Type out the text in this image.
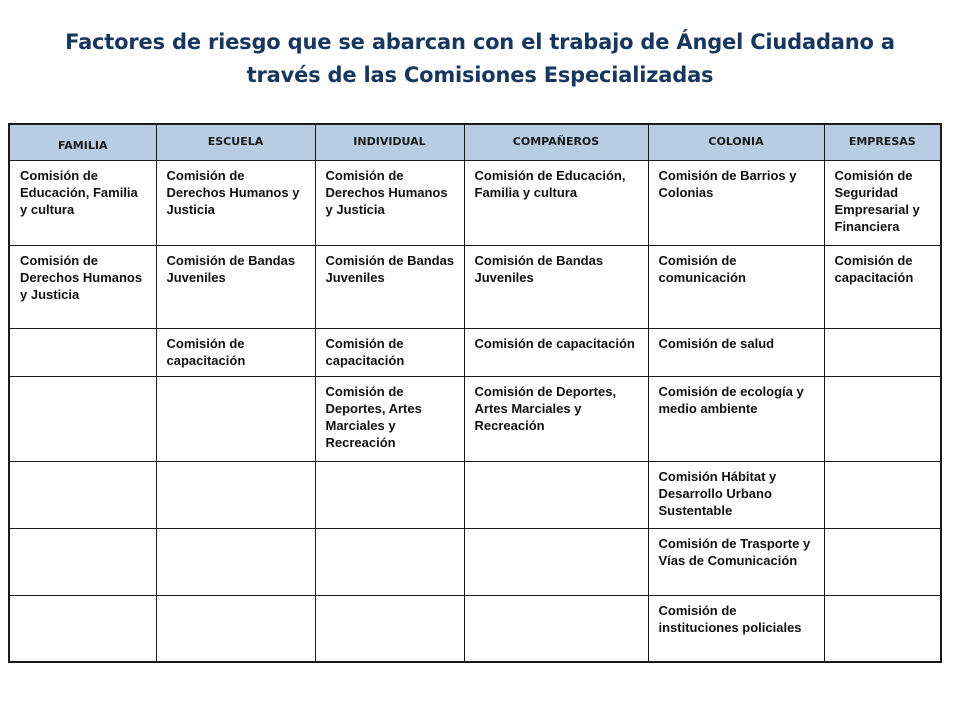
Factores de riesgo que se abarcan con el trabajo de Ángel Ciudadano a
través de las Comisiones Especializadas
FAMILIA	ESCUELA	INDIVIDUAL	COMPAÑEROS	COLONIA	EMPRESAS
Comisión de Educación, Familia y cultura	Comisión de Derechos Humanos y Justicia	Comisión de Derechos Humanos y Justicia	Comisión de Educación, Familia y cultura	Comisión de Barrios y Colonias	Comisión de Seguridad Empresarial y Financiera
Comisión de Derechos Humanos y Justicia	Comisión de Bandas Juveniles	Comisión de Bandas Juveniles	Comisión de Bandas Juveniles	Comisión de comunicación	Comisión de capacitación
	Comisión de capacitación	Comisión de capacitación	Comisión de capacitación	Comisión de salud	
		Comisión de Deportes, Artes Marciales y Recreación	Comisión de Deportes, Artes Marciales y Recreación	Comisión de ecología y medio ambiente	
				Comisión Hábitat y Desarrollo Urbano Sustentable	
				Comisión de Trasporte y Vías de Comunicación	
				Comisión de instituciones policiales	
